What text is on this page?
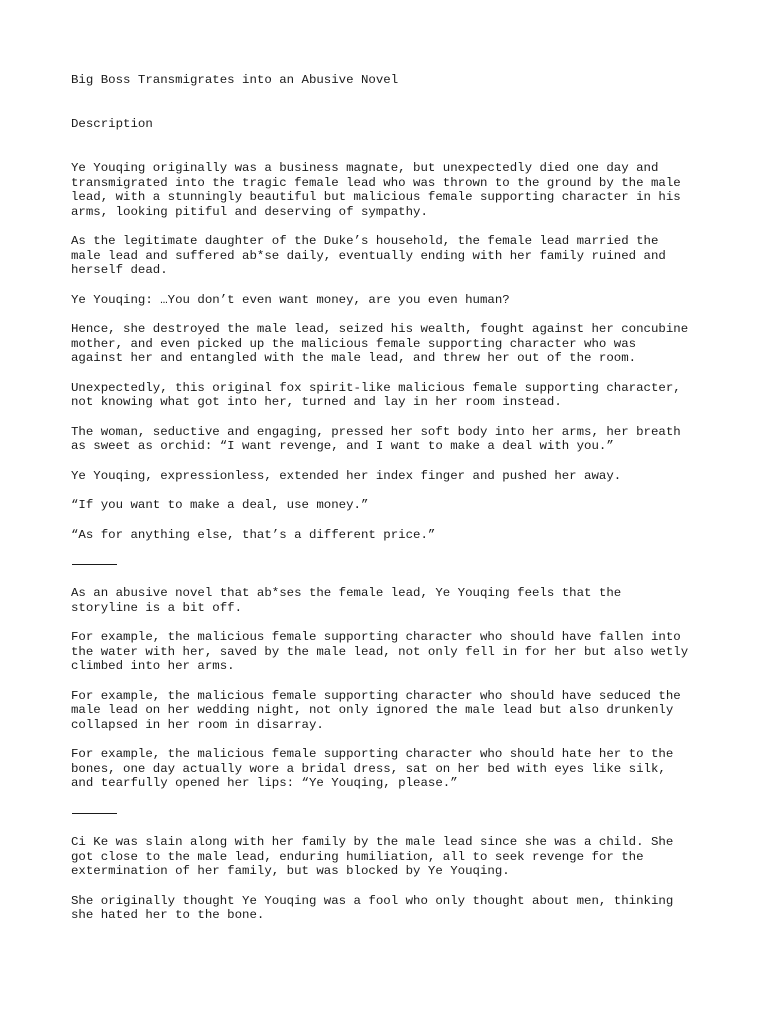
Big Boss Transmigrates into an Abusive Novel
Description
Ye Youqing originally was a business magnate, but unexpectedly died one day and
transmigrated into the tragic female lead who was thrown to the ground by the male
lead, with a stunningly beautiful but malicious female supporting character in his
arms, looking pitiful and deserving of sympathy.
As the legitimate daughter of the Duke’s household, the female lead married the
male lead and suffered ab*se daily, eventually ending with her family ruined and
herself dead.
Ye Youqing: …You don’t even want money, are you even human?
Hence, she destroyed the male lead, seized his wealth, fought against her concubine
mother, and even picked up the malicious female supporting character who was
against her and entangled with the male lead, and threw her out of the room.
Unexpectedly, this original fox spirit-like malicious female supporting character,
not knowing what got into her, turned and lay in her room instead.
The woman, seductive and engaging, pressed her soft body into her arms, her breath
as sweet as orchid: “I want revenge, and I want to make a deal with you.”
Ye Youqing, expressionless, extended her index finger and pushed her away.
“If you want to make a deal, use money.”
“As for anything else, that’s a different price.”
As an abusive novel that ab*ses the female lead, Ye Youqing feels that the
storyline is a bit off.
For example, the malicious female supporting character who should have fallen into
the water with her, saved by the male lead, not only fell in for her but also wetly
climbed into her arms.
For example, the malicious female supporting character who should have seduced the
male lead on her wedding night, not only ignored the male lead but also drunkenly
collapsed in her room in disarray.
For example, the malicious female supporting character who should hate her to the
bones, one day actually wore a bridal dress, sat on her bed with eyes like silk,
and tearfully opened her lips: “Ye Youqing, please.”
Ci Ke was slain along with her family by the male lead since she was a child. She
got close to the male lead, enduring humiliation, all to seek revenge for the
extermination of her family, but was blocked by Ye Youqing.
She originally thought Ye Youqing was a fool who only thought about men, thinking
she hated her to the bone.
